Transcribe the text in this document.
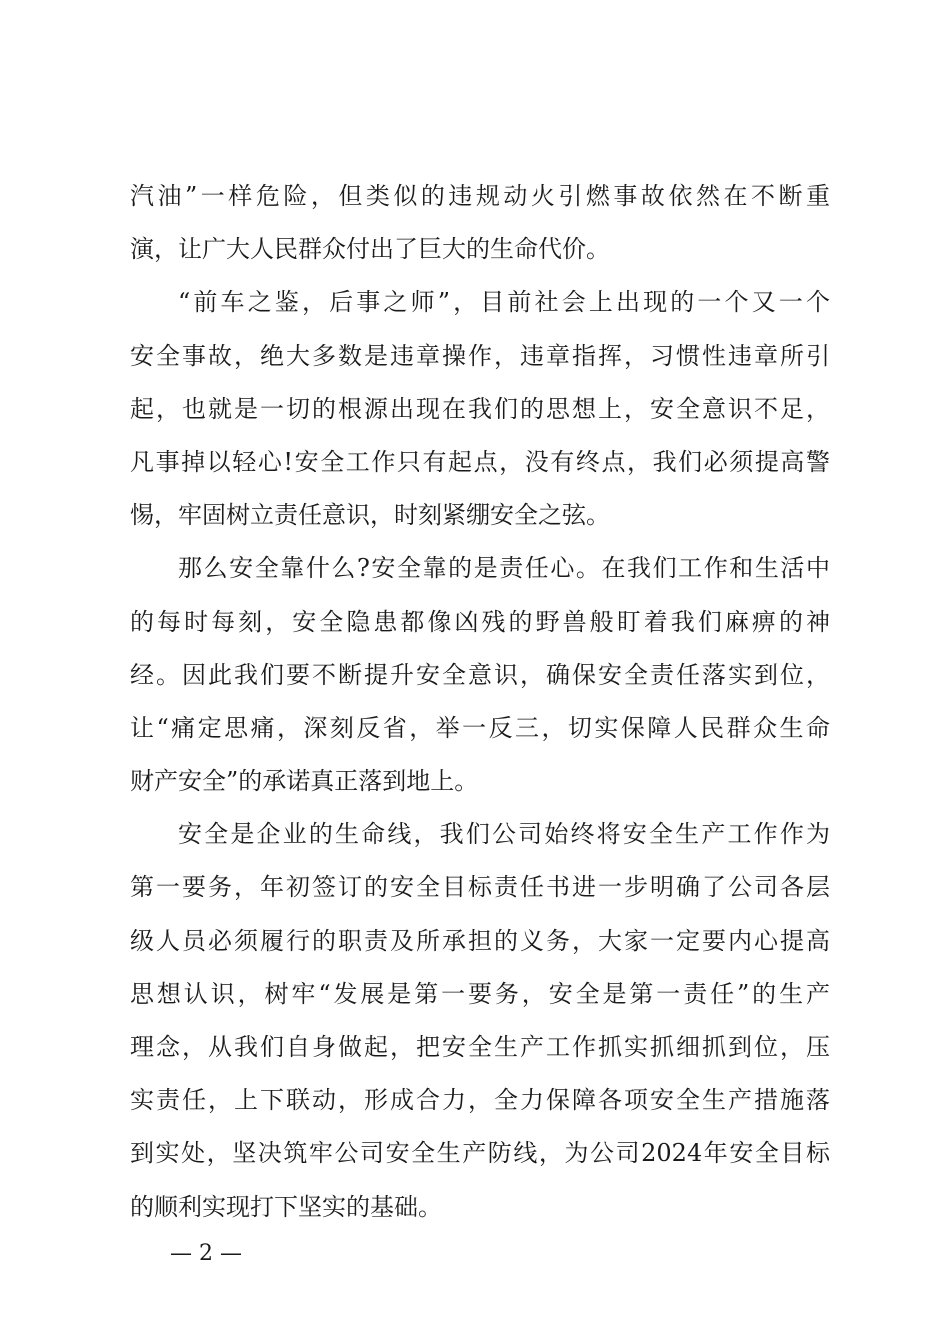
汽油”一样危险，但类似的违规动火引燃事故依然在不断重
演，让广大人民群众付出了巨大的生命代价。
“前车之鉴，后事之师”，目前社会上出现的一个又一个
安全事故，绝大多数是违章操作，违章指挥，习惯性违章所引
起，也就是一切的根源出现在我们的思想上，安全意识不足，
凡事掉以轻心!安全工作只有起点，没有终点，我们必须提高警
惕，牢固树立责任意识，时刻紧绷安全之弦。
那么安全靠什么?安全靠的是责任心。在我们工作和生活中
的每时每刻，安全隐患都像凶残的野兽般盯着我们麻痹的神
经。因此我们要不断提升安全意识，确保安全责任落实到位，
让“痛定思痛，深刻反省，举一反三，切实保障人民群众生命
财产安全”的承诺真正落到地上。
安全是企业的生命线，我们公司始终将安全生产工作作为
第一要务，年初签订的安全目标责任书进一步明确了公司各层
级人员必须履行的职责及所承担的义务，大家一定要内心提高
思想认识，树牢“发展是第一要务，安全是第一责任”的生产
理念，从我们自身做起，把安全生产工作抓实抓细抓到位，压
实责任，上下联动，形成合力，全力保障各项安全生产措施落
到实处，坚决筑牢公司安全生产防线，为公司2024年安全目标
的顺利实现打下坚实的基础。
— 2 —
